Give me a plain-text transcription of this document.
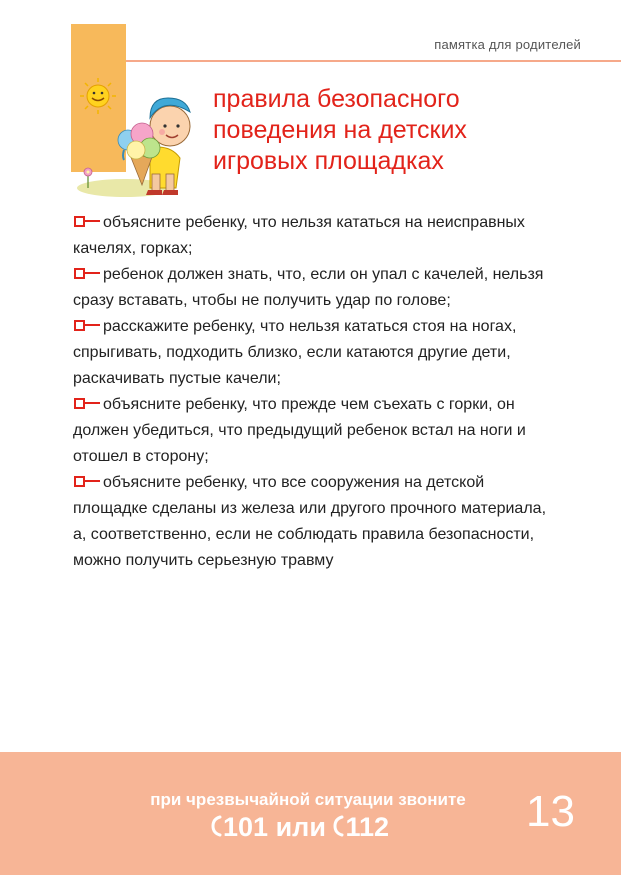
памятка для родителей
правила безопасного
поведения на детских
игровых площадках

объясните ребенку, что нельзя кататься на неисправных качелях, горках;

ребенок должен знать, что, если он упал с качелей, нельзя сразу вставать, чтобы не получить удар по голове;

расскажите ребенку, что нельзя кататься стоя на ногах, спрыгивать, подходить близко, если катаются другие дети, раскачивать пустые качели;

объясните ребенку, что прежде чем съехать с горки, он должен убедиться, что предыдущий ребенок встал на ноги и отошел в сторону;

объясните ребенку, что все сооружения на детской площадке сделаны из железа или другого прочного материала, а, соответственно, если не соблюдать правила безопасности, можно получить серьезную травму

при чрезвычайной ситуации звоните
101 или 112	13
